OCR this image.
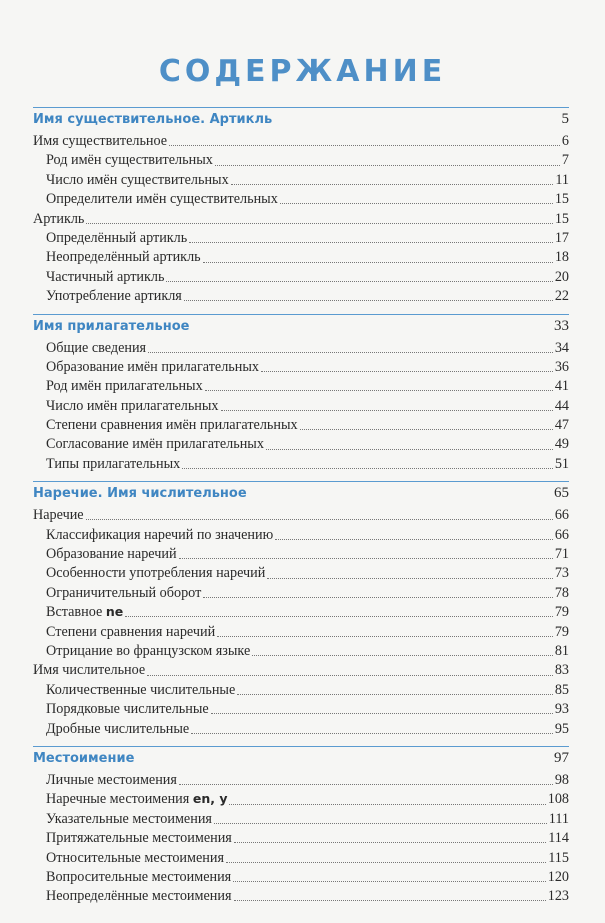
СОДЕРЖАНИЕ
Имя существительное. Артикль	5
Имя существительное	6
Род имён существительных	7
Число имён существительных	11
Определители имён существительных	15
Артикль	15
Определённый артикль	17
Неопределённый артикль	18
Частичный артикль	20
Употребление артикля	22
Имя прилагательное	33
Общие сведения	34
Образование имён прилагательных	36
Род имён прилагательных	41
Число имён прилагательных	44
Степени сравнения имён прилагательных	47
Согласование имён прилагательных	49
Типы прилагательных	51
Наречие. Имя числительное	65
Наречие	66
Классификация наречий по значению	66
Образование наречий	71
Особенности употребления наречий	73
Ограничительный оборот	78
Вставное ne	79
Степени сравнения наречий	79
Отрицание во французском языке	81
Имя числительное	83
Количественные числительные	85
Порядковые числительные	93
Дробные числительные	95
Местоимение	97
Личные местоимения	98
Наречные местоимения en, y	108
Указательные местоимения	111
Притяжательные местоимения	114
Относительные местоимения	115
Вопросительные местоимения	120
Неопределённые местоимения	123
